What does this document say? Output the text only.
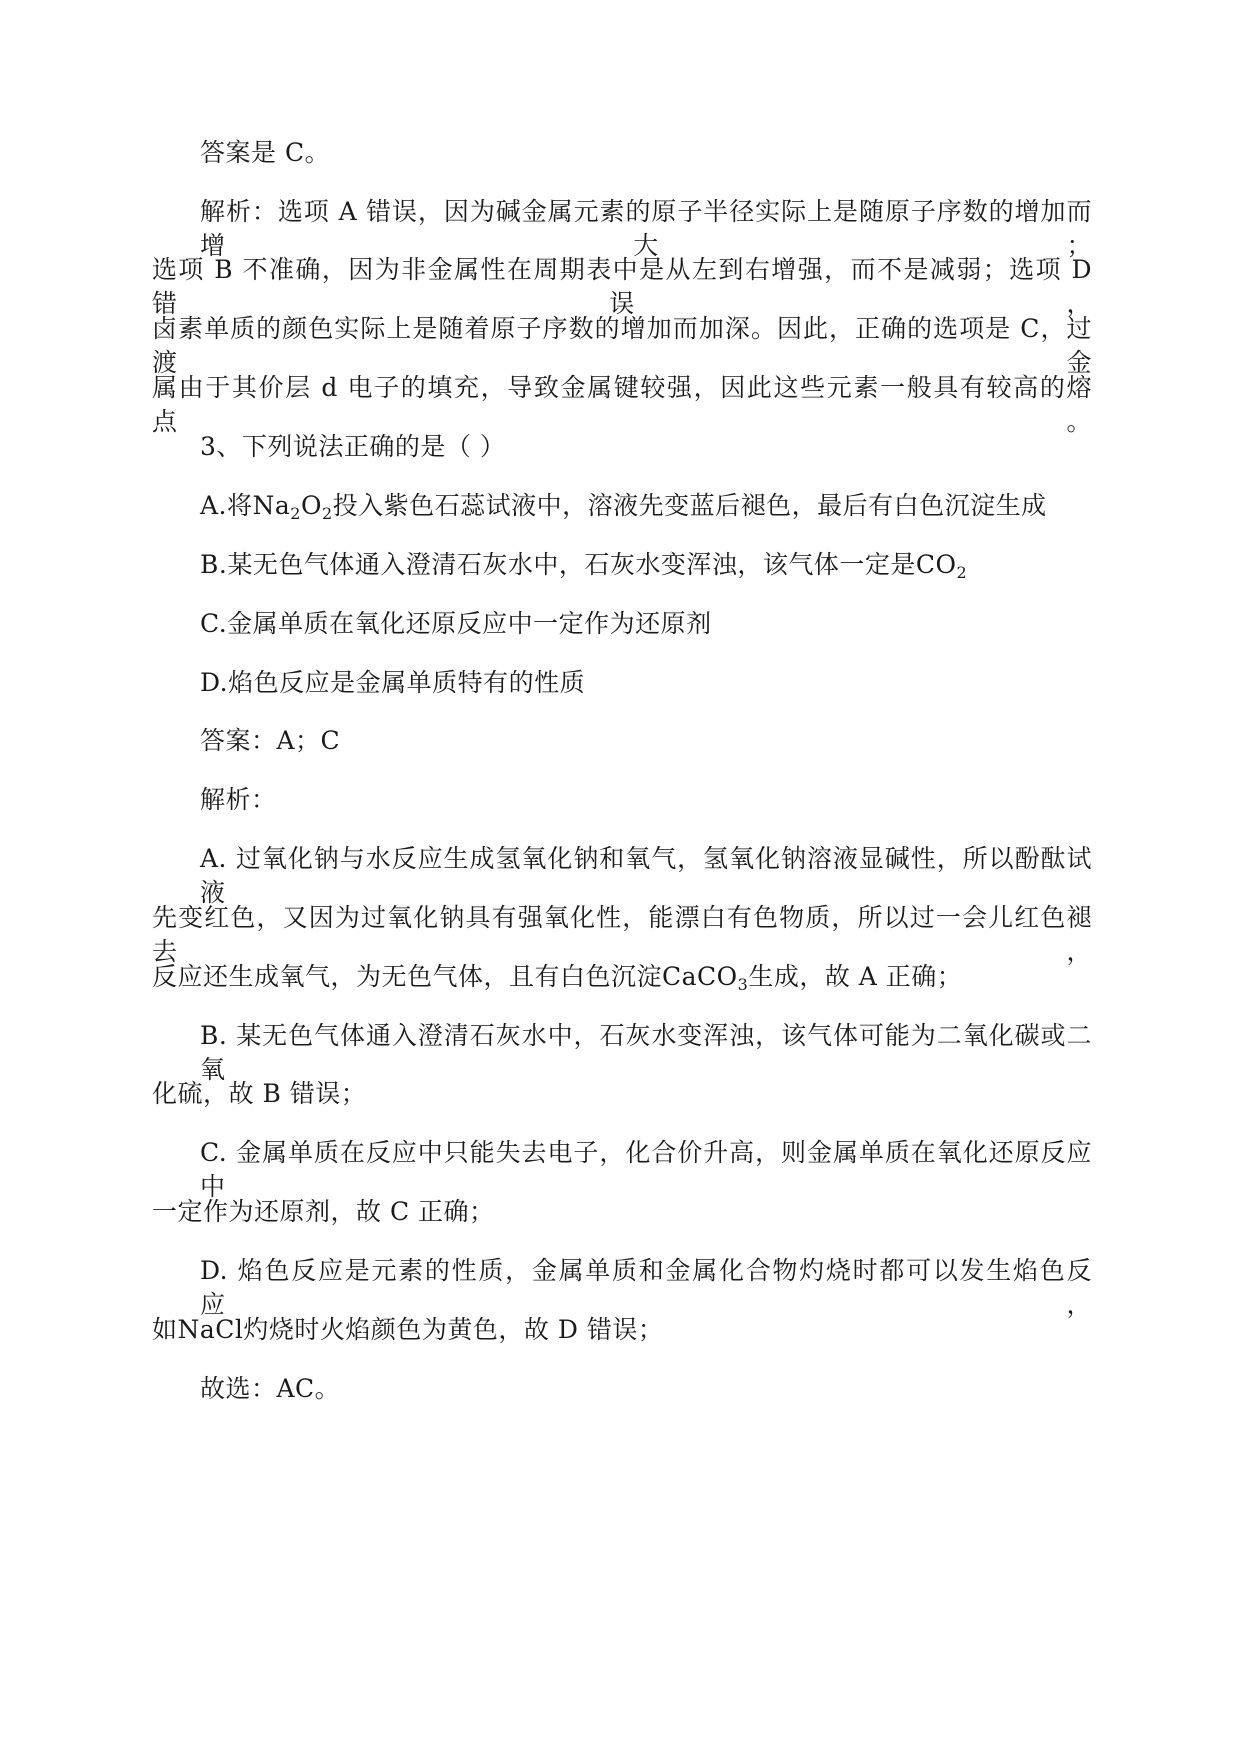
答案是 C。
解析：选项 A 错误，因为碱金属元素的原子半径实际上是随原子序数的增加而增大；
选项 B 不准确，因为非金属性在周期表中是从左到右增强，而不是减弱；选项 D 错误，
卤素单质的颜色实际上是随着原子序数的增加而加深。因此，正确的选项是 C，过渡金
属由于其价层 d 电子的填充，导致金属键较强，因此这些元素一般具有较高的熔点。
3、下列说法正确的是（ ）
A.将$Na_2O_2$投入紫色石蕊试液中，溶液先变蓝后褪色，最后有白色沉淀生成
B.某无色气体通入澄清石灰水中，石灰水变浑浊，该气体一定是$CO_2$
C.金属单质在氧化还原反应中一定作为还原剂
D.焰色反应是金属单质特有的性质
答案：A；C
解析：
A. 过氧化钠与水反应生成氢氧化钠和氧气，氢氧化钠溶液显碱性，所以酚酞试液
先变红色，又因为过氧化钠具有强氧化性，能漂白有色物质，所以过一会儿红色褪去，
反应还生成氧气，为无色气体，且有白色沉淀CaCO$_3$生成，故 A 正确；
B. 某无色气体通入澄清石灰水中，石灰水变浑浊，该气体可能为二氧化碳或二氧
化硫，故 B 错误；
C. 金属单质在反应中只能失去电子，化合价升高，则金属单质在氧化还原反应中
一定作为还原剂，故 C 正确；
D. 焰色反应是元素的性质，金属单质和金属化合物灼烧时都可以发生焰色反应，
如NaCl灼烧时火焰颜色为黄色，故 D 错误；
故选：AC。
